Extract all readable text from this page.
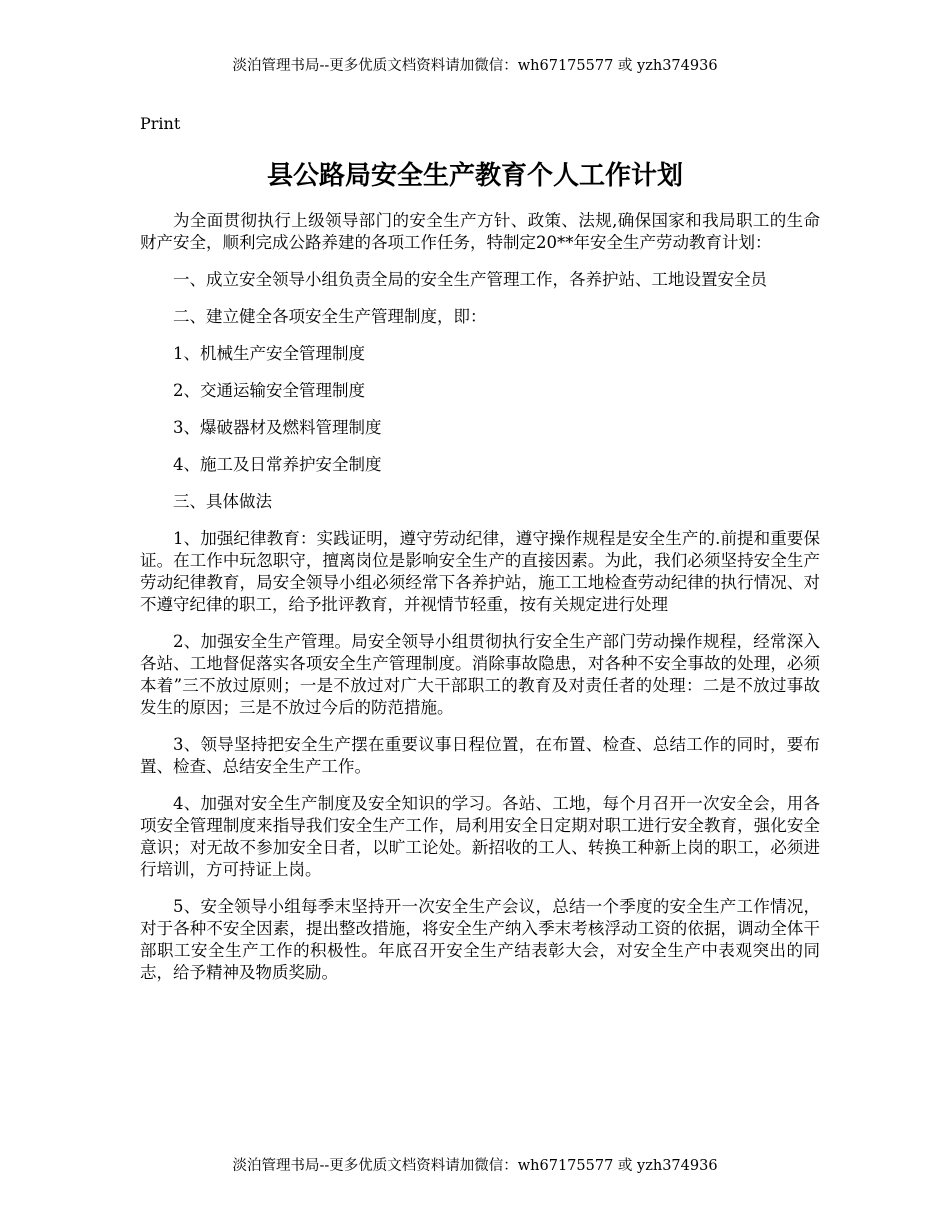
淡泊管理书局--更多优质文档资料请加微信：wh67175577 或 yzh374936
Print
县公路局安全生产教育个人工作计划

为全面贯彻执行上级领导部门的安全生产方针、政策、法规,确保国家和我局职工的生命财产安全，顺利完成公路养建的各项工作任务，特制定20**年安全生产劳动教育计划：

一、成立安全领导小组负责全局的安全生产管理工作，各养护站、工地设置安全员

二、建立健全各项安全生产管理制度，即：

1、机械生产安全管理制度

2、交通运输安全管理制度

3、爆破器材及燃料管理制度

4、施工及日常养护安全制度

三、具体做法

1、加强纪律教育：实践证明，遵守劳动纪律，遵守操作规程是安全生产的.前提和重要保证。在工作中玩忽职守，擅离岗位是影响安全生产的直接因素。为此，我们必须坚持安全生产劳动纪律教育，局安全领导小组必须经常下各养护站，施工工地检查劳动纪律的执行情况、对不遵守纪律的职工，给予批评教育，并视情节轻重，按有关规定进行处理

2、加强安全生产管理。局安全领导小组贯彻执行安全生产部门劳动操作规程，经常深入各站、工地督促落实各项安全生产管理制度。消除事故隐患，对各种不安全事故的处理，必须本着”三不放过原则；一是不放过对广大干部职工的教育及对责任者的处理：二是不放过事故发生的原因；三是不放过今后的防范措施。

3、领导坚持把安全生产摆在重要议事日程位置，在布置、检查、总结工作的同时，要布置、检查、总结安全生产工作。

4、加强对安全生产制度及安全知识的学习。各站、工地，每个月召开一次安全会，用各项安全管理制度来指导我们安全生产工作，局利用安全日定期对职工进行安全教育，强化安全意识；对无故不参加安全日者，以旷工论处。新招收的工人、转换工种新上岗的职工，必须进行培训，方可持证上岗。

5、安全领导小组每季末坚持开一次安全生产会议，总结一个季度的安全生产工作情况，对于各种不安全因素，提出整改措施，将安全生产纳入季末考核浮动工资的依据，调动全体干部职工安全生产工作的积极性。年底召开安全生产结表彰大会，对安全生产中表观突出的同志，给予精神及物质奖励。

淡泊管理书局--更多优质文档资料请加微信：wh67175577 或 yzh374936
